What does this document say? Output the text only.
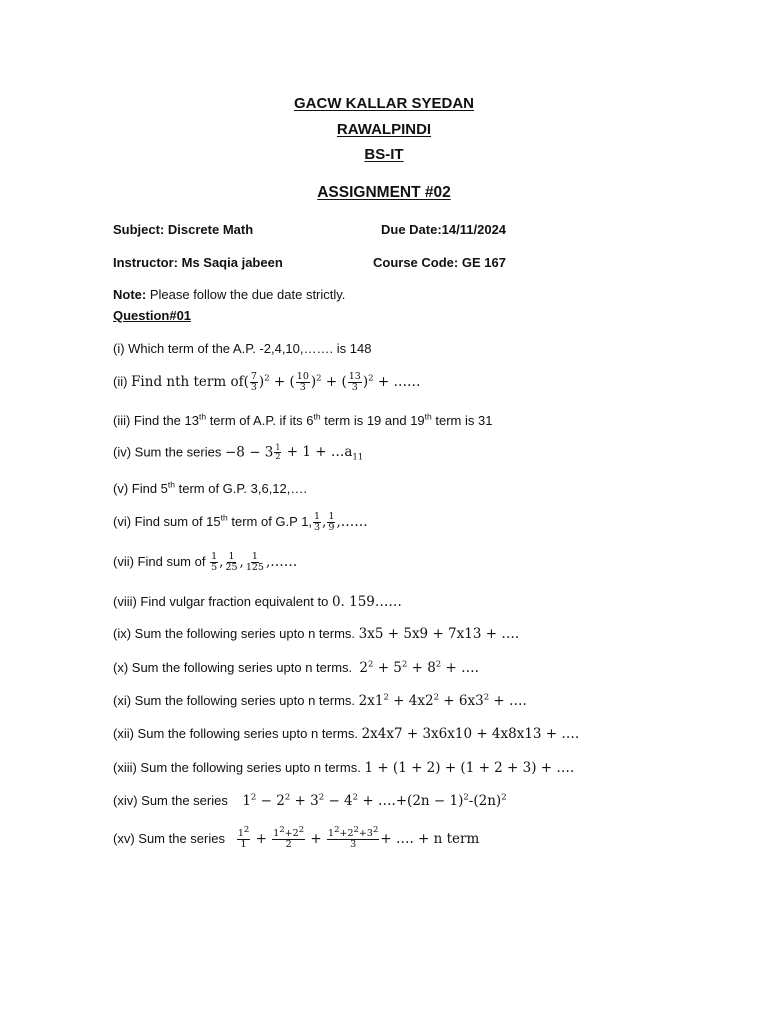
GACW KALLAR SYEDAN
RAWALPINDI
BS-IT
ASSIGNMENT #02
Subject: Discrete Math	Due Date:14/11/2024
Instructor: Ms Saqia jabeen	Course Code: GE 167
Note: Please follow the due date strictly.
Question#01
(i) Which term of the A.P. -2,4,10,……. is 148
(ii) Find nth term $of( \frac{7}{3} )^2$ + ( $\frac{10}{3} )^2$ + ( $\frac{13}{3} )^2$ + ……
(iii) Find the 13th term of A.P. if its 6th term is 19 and 19th term is 31
(iv) Sum the series $-8 - 3 \frac{1}{2} + 1$ + $\dots a_{11}$
(v) Find 5th term of G.P. 3,6,12,….
(vi) Find sum of 15th term of G.P 1, $\frac{1}{3}$ , $\frac{1}{9}$ ,……
(vii) Find sum of $\frac{1}{5}$ , $\frac{1}{25}$ , $\frac{1}{125}$ ,……
(viii) Find vulgar fraction equivalent to 0. 159……
(ix) Sum the following series upto n terms. 3x5 + 5x9 + 7x13 + ….
(x) Sum the following series upto n terms. $2^2 + 5^2 + 8^2$ + ….
(xi) Sum the following series upto n terms. $2x1^2 + 4x2^2 + 6x3^2$ + ….
(xii) Sum the following series upto n terms. 2x4x7 + 3x6x10 + 4x8x13 + ….
(xiii) Sum the following series upto n terms. 1 + (1 + 2) + (1 + 2 + 3) + ….
(xiv) Sum the series $1^2 - 2^2 + 3^2 - 4^2$ + ….+(2n − $1)^2-(2n)^2$
(xv) Sum the series $\frac{1^2}{1} + \frac{1^2+2^2}{2} + \frac{1^2+2^2+3^2}{3}$ + …. + n term
